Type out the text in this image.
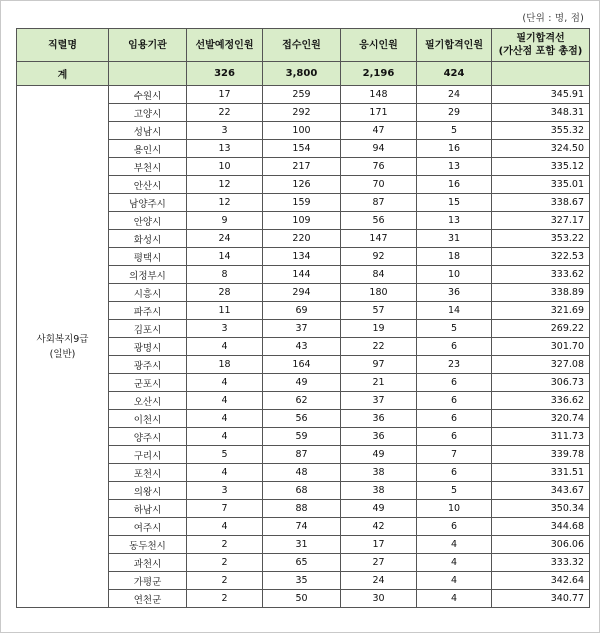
(단위 : 명, 점)
직렬명	임용기관	선발예정인원	접수인원	응시인원	필기합격인원	필기합격선
(가산점 포함 총점)

계		326	3,800	2,196	424	

사회복지9급
(일반)	수원시	17	259	148	24	345.91
	고양시	22	292	171	29	348.31
	성남시	3	100	47	5	355.32
	용인시	13	154	94	16	324.50
	부천시	10	217	76	13	335.12
	안산시	12	126	70	16	335.01
	남양주시	12	159	87	15	338.67
	안양시	9	109	56	13	327.17
	화성시	24	220	147	31	353.22
	평택시	14	134	92	18	322.53
	의정부시	8	144	84	10	333.62
	시흥시	28	294	180	36	338.89
	파주시	11	69	57	14	321.69
	김포시	3	37	19	5	269.22
	광명시	4	43	22	6	301.70
	광주시	18	164	97	23	327.08
	군포시	4	49	21	6	306.73
	오산시	4	62	37	6	336.62
	이천시	4	56	36	6	320.74
	양주시	4	59	36	6	311.73
	구리시	5	87	49	7	339.78
	포천시	4	48	38	6	331.51
	의왕시	3	68	38	5	343.67
	하남시	7	88	49	10	350.34
	여주시	4	74	42	6	344.68
	동두천시	2	31	17	4	306.06
	과천시	2	65	27	4	333.32
	가평군	2	35	24	4	342.64
	연천군	2	50	30	4	340.77
